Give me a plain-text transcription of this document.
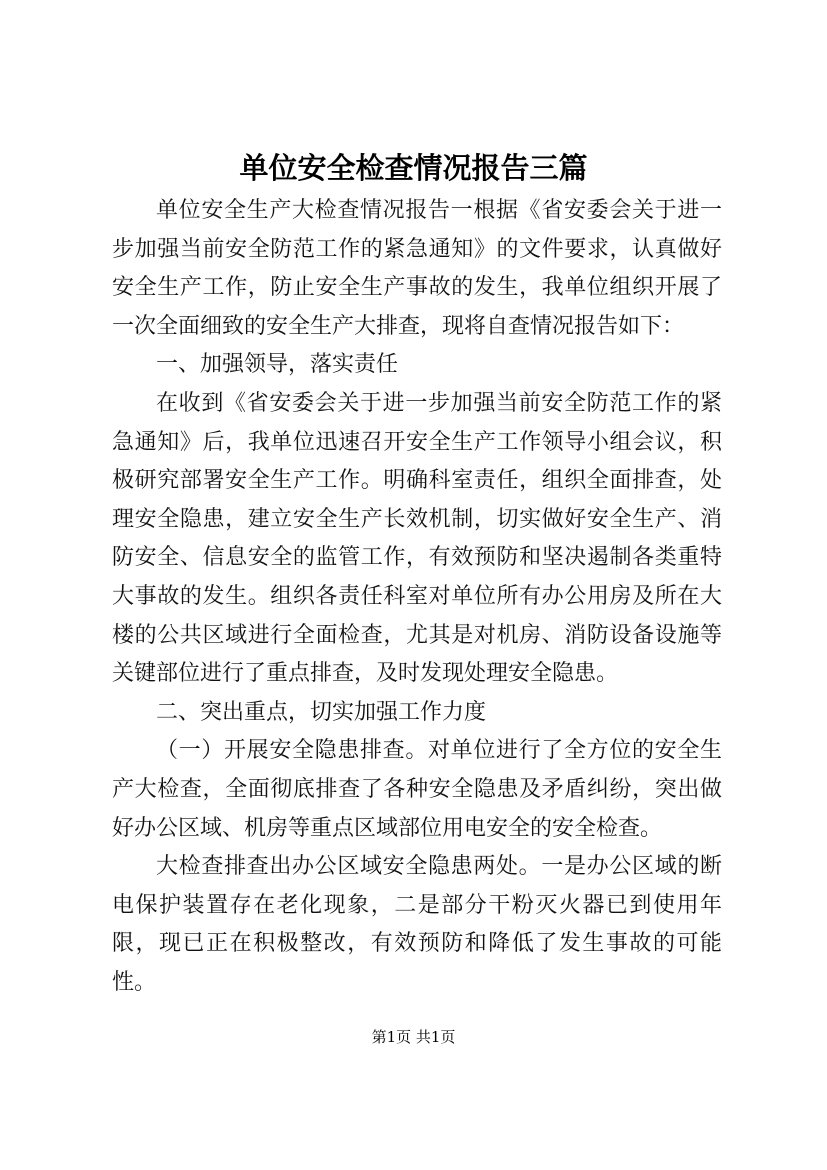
单位安全检查情况报告三篇

单位安全生产大检查情况报告一根据《省安委会关于进一步加强当前安全防范工作的紧急通知》的文件要求，认真做好安全生产工作，防止安全生产事故的发生，我单位组织开展了一次全面细致的安全生产大排查，现将自查情况报告如下：

一、加强领导，落实责任

在收到《省安委会关于进一步加强当前安全防范工作的紧急通知》后，我单位迅速召开安全生产工作领导小组会议，积极研究部署安全生产工作。明确科室责任，组织全面排查，处理安全隐患，建立安全生产长效机制，切实做好安全生产、消防安全、信息安全的监管工作，有效预防和坚决遏制各类重特大事故的发生。组织各责任科室对单位所有办公用房及所在大楼的公共区域进行全面检查，尤其是对机房、消防设备设施等关键部位进行了重点排查，及时发现处理安全隐患。

二、突出重点，切实加强工作力度

（一）开展安全隐患排查。对单位进行了全方位的安全生产大检查，全面彻底排查了各种安全隐患及矛盾纠纷，突出做好办公区域、机房等重点区域部位用电安全的安全检查。

大检查排查出办公区域安全隐患两处。一是办公区域的断电保护装置存在老化现象，二是部分干粉灭火器已到使用年限，现已正在积极整改，有效预防和降低了发生事故的可能性。

第1页 共1页
